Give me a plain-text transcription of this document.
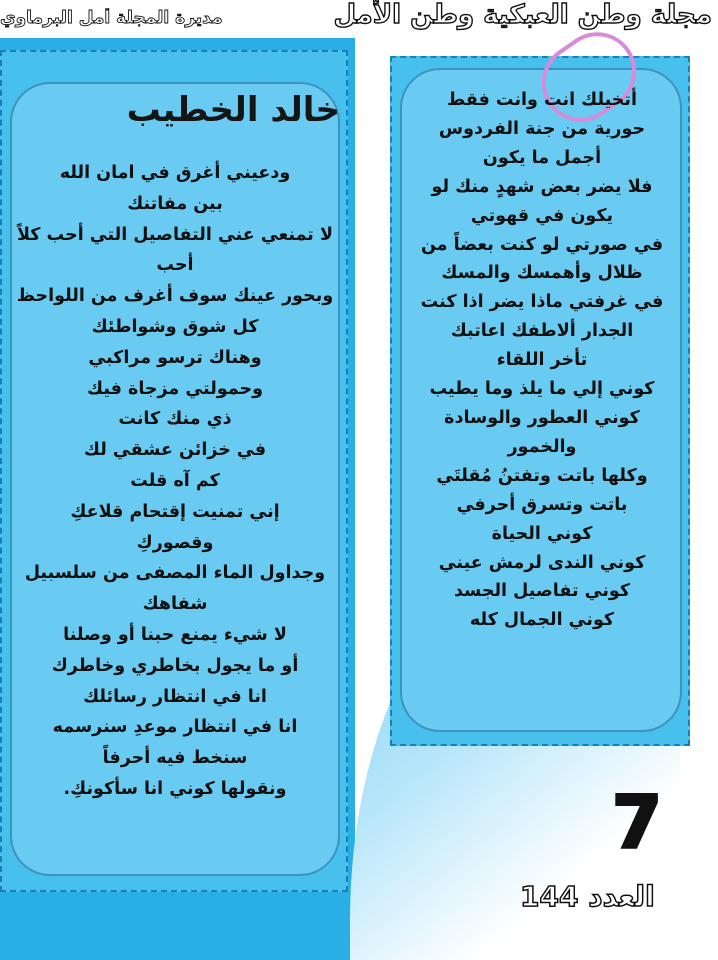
مجلة وطن العبكية وطن الأمل
مديرة المجلة أمل البرماوي
خالد الخطيب
ودعيني أغرق في امان الله
بين مفاتنك
لا تمنعي عني التفاصيل التي أحب كلاً
أحب
وبحور عينك سوف أغرف من اللواحظ
كل شوق وشواطئك
وهناك ترسو مراكبي
وحمولتي مزجاة فيك
ذي منك كانت
في خزائن عشقي لك
كم آه قلت
إني تمنيت إقتحام قلاعكِ
وقصوركِ
وجداول الماء المصفى من سلسبيل
شفاهك
لا شيء يمنع حبنا أو وصلنا
أو ما يجول بخاطري وخاطرك
انا في انتظار رسائلك
انا في انتظار موعدِ سنرسمه
سنخط فيه أحرفاً
ونقولها كوني انا سأكونكِ.
أتخيلك انت وانت فقط
حورية من جنة الفردوس
أجمل ما يكون
فلا يضر بعض شهدٍ منك لو
يكون في قهوتي
في صورتي لو كنت بعضاً من
ظلال وأهمسك والمسك
في غرفتي ماذا يضر اذا كنت
الجدار ألاطفك اعاتبك
تأخر اللقاء
كوني إلي ما يلذ وما يطيب
كوني العطور والوسادة
والخمور
وكلها باتت وتفتنُ مُقلتَي
باتت وتسرق أحرفي
كوني الحياة
كوني الندى لرمش عيني
كوني تفاصيل الجسد
كوني الجمال كله
7
العدد 144
